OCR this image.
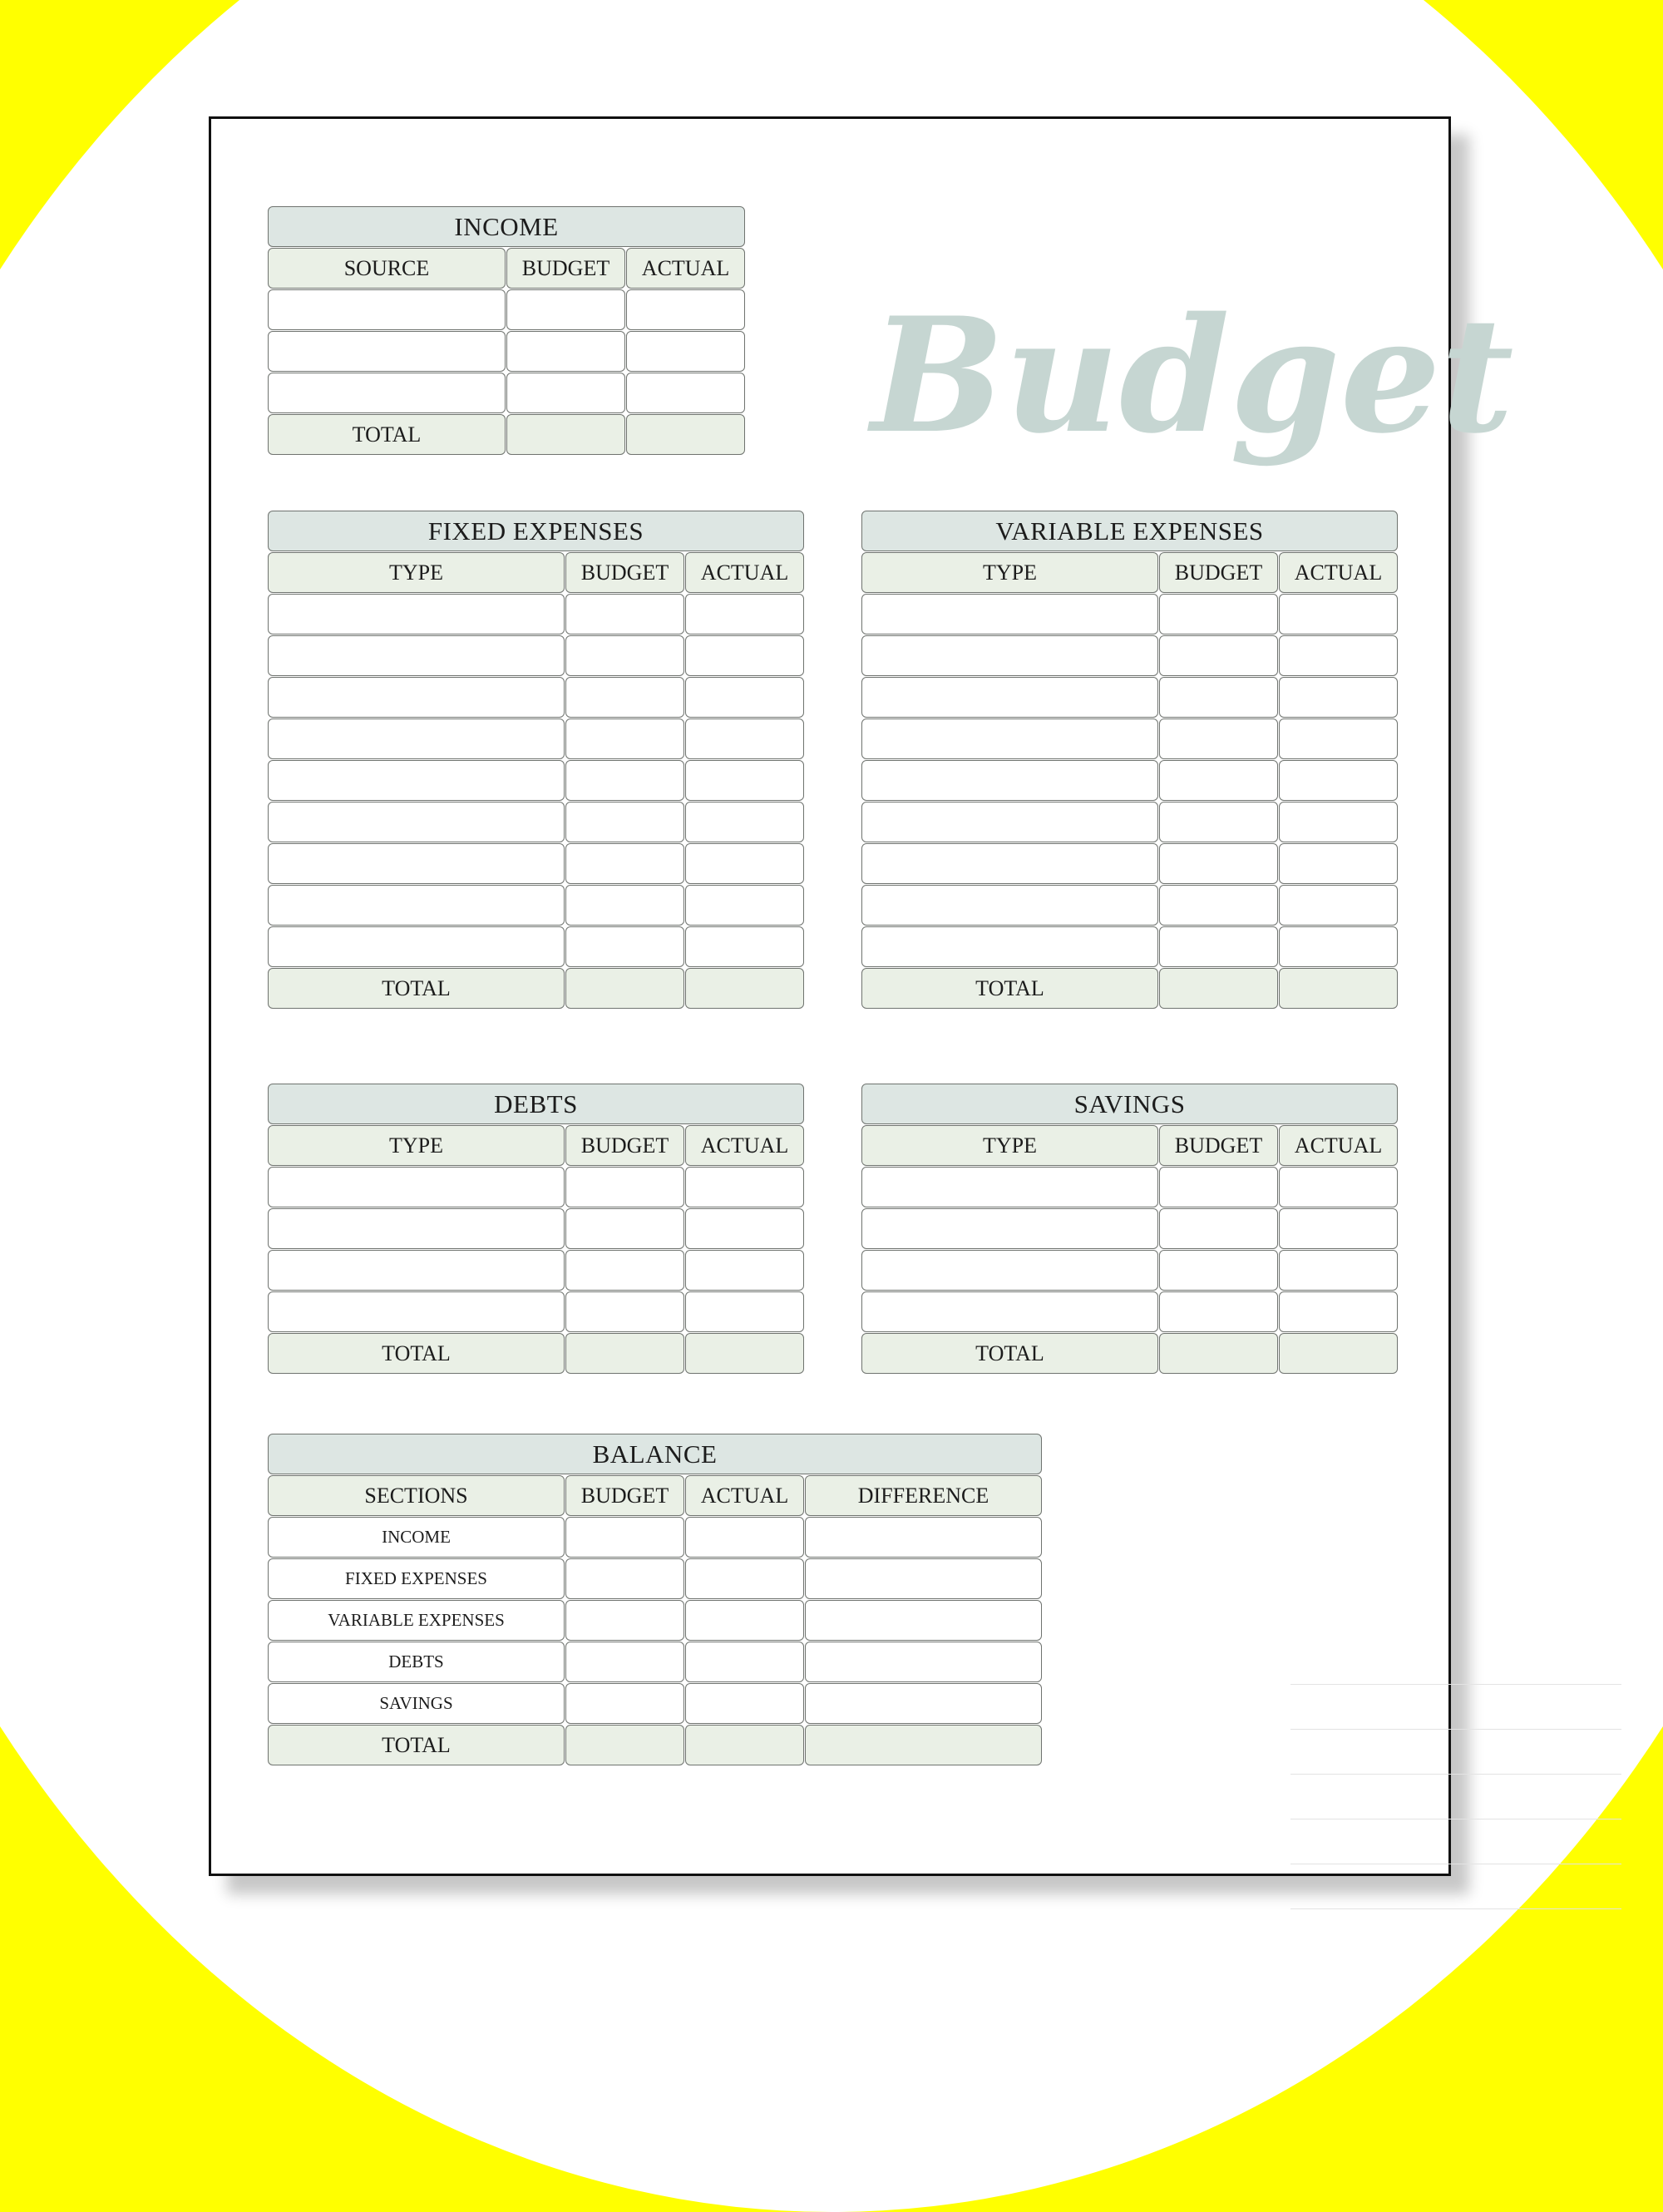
Budget
INCOME		
SOURCE	BUDGET	ACTUAL

TOTAL		
FIXED EXPENSES		
TYPE	BUDGET	ACTUAL

TOTAL		
VARIABLE EXPENSES		
TYPE	BUDGET	ACTUAL

TOTAL		
DEBTS		
TYPE	BUDGET	ACTUAL

TOTAL		
SAVINGS		
TYPE	BUDGET	ACTUAL

TOTAL		
BALANCE			
SECTIONS	BUDGET	ACTUAL	DIFFERENCE
INCOME			
FIXED EXPENSES			
VARIABLE EXPENSES			
DEBTS			
SAVINGS			
TOTAL			
